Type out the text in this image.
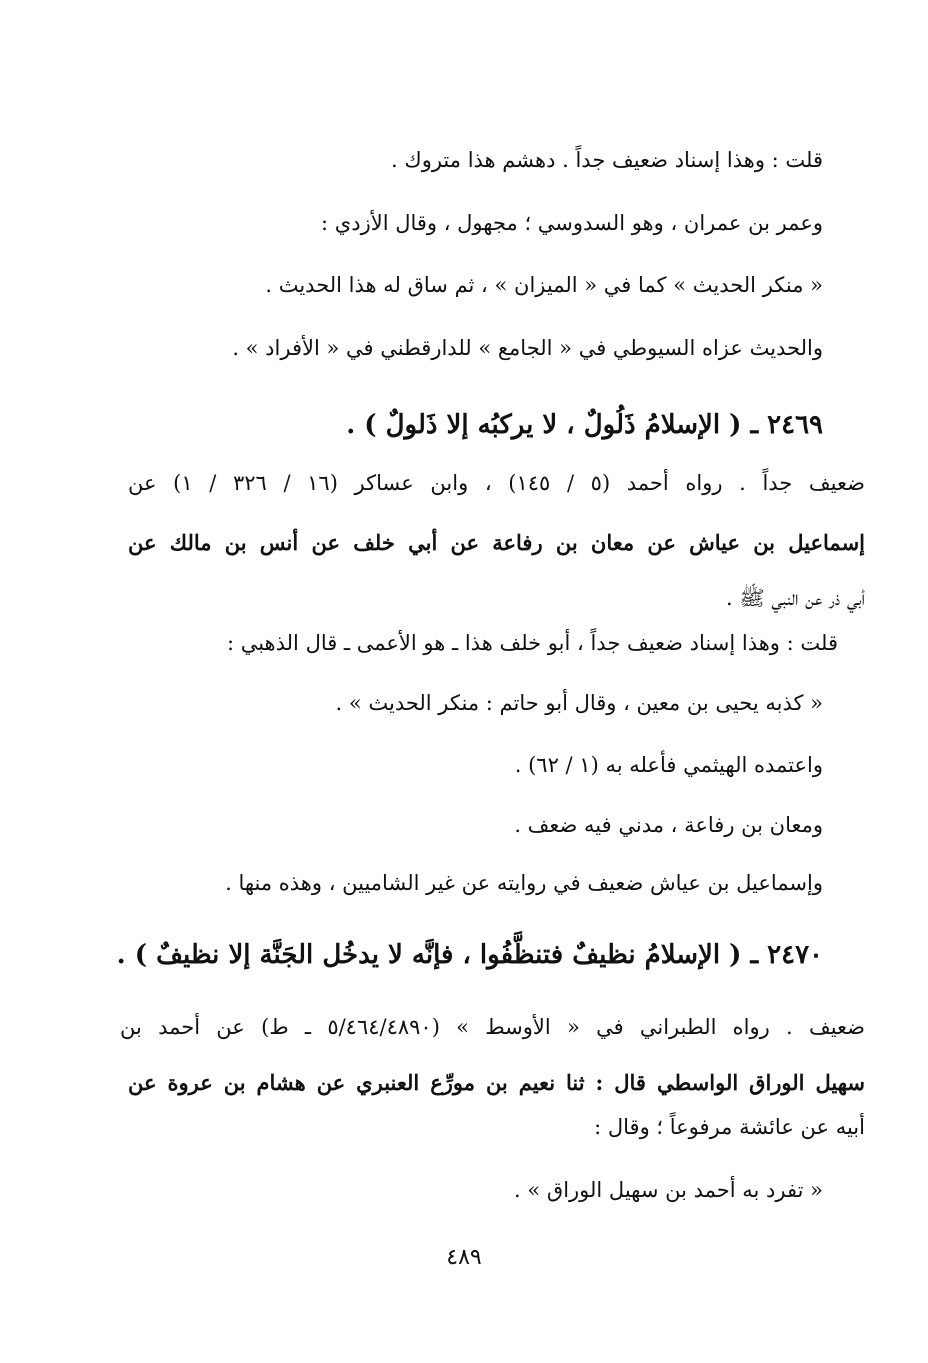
قلت : وهذا إسناد ضعيف جداً . دهشم هذا متروك .
وعمر بن عمران ، وهو السدوسي ؛ مجهول ، وقال الأزدي :
« منكر الحديث » كما في « الميزان » ، ثم ساق له هذا الحديث .
والحديث عزاه السيوطي في « الجامع » للدارقطني في « الأفراد » .
٢٤٦٩ ـ ( الإسلامُ ذَلُولٌ ، لا يركبُه إلا ذَلولٌ ) .
ضعيف جداً . رواه أحمد (٥ / ١٤٥) ، وابن عساكر (١٦ / ٣٢٦ / ١) عن
إسماعيل بن عياش عن معان بن رفاعة عن أبي خلف عن أنس بن مالك عن
أبي ذر عن النبي ﷺ .
قلت : وهذا إسناد ضعيف جداً ، أبو خلف هذا ـ هو الأعمى ـ قال الذهبي :
« كذبه يحيى بن معين ، وقال أبو حاتم : منكر الحديث » .
واعتمده الهيثمي فأعله به (١ / ٦٢) .
ومعان بن رفاعة ، مدني فيه ضعف .
وإسماعيل بن عياش ضعيف في روايته عن غير الشاميين ، وهذه منها .
٢٤٧٠ ـ ( الإسلامُ نظيفٌ فتنظَّفُوا ، فإنَّه لا يدخُل الجَنَّة إلا نظيفٌ ) .
ضعيف . رواه الطبراني في « الأوسط » (٥/٤٦٤/٤٨٩٠ ـ ط) عن أحمد بن
سهيل الوراق الواسطي قال : ثنا نعيم بن مورِّع العنبري عن هشام بن عروة عن
أبيه عن عائشة مرفوعاً ؛ وقال :
« تفرد به أحمد بن سهيل الوراق » .
٤٨٩
